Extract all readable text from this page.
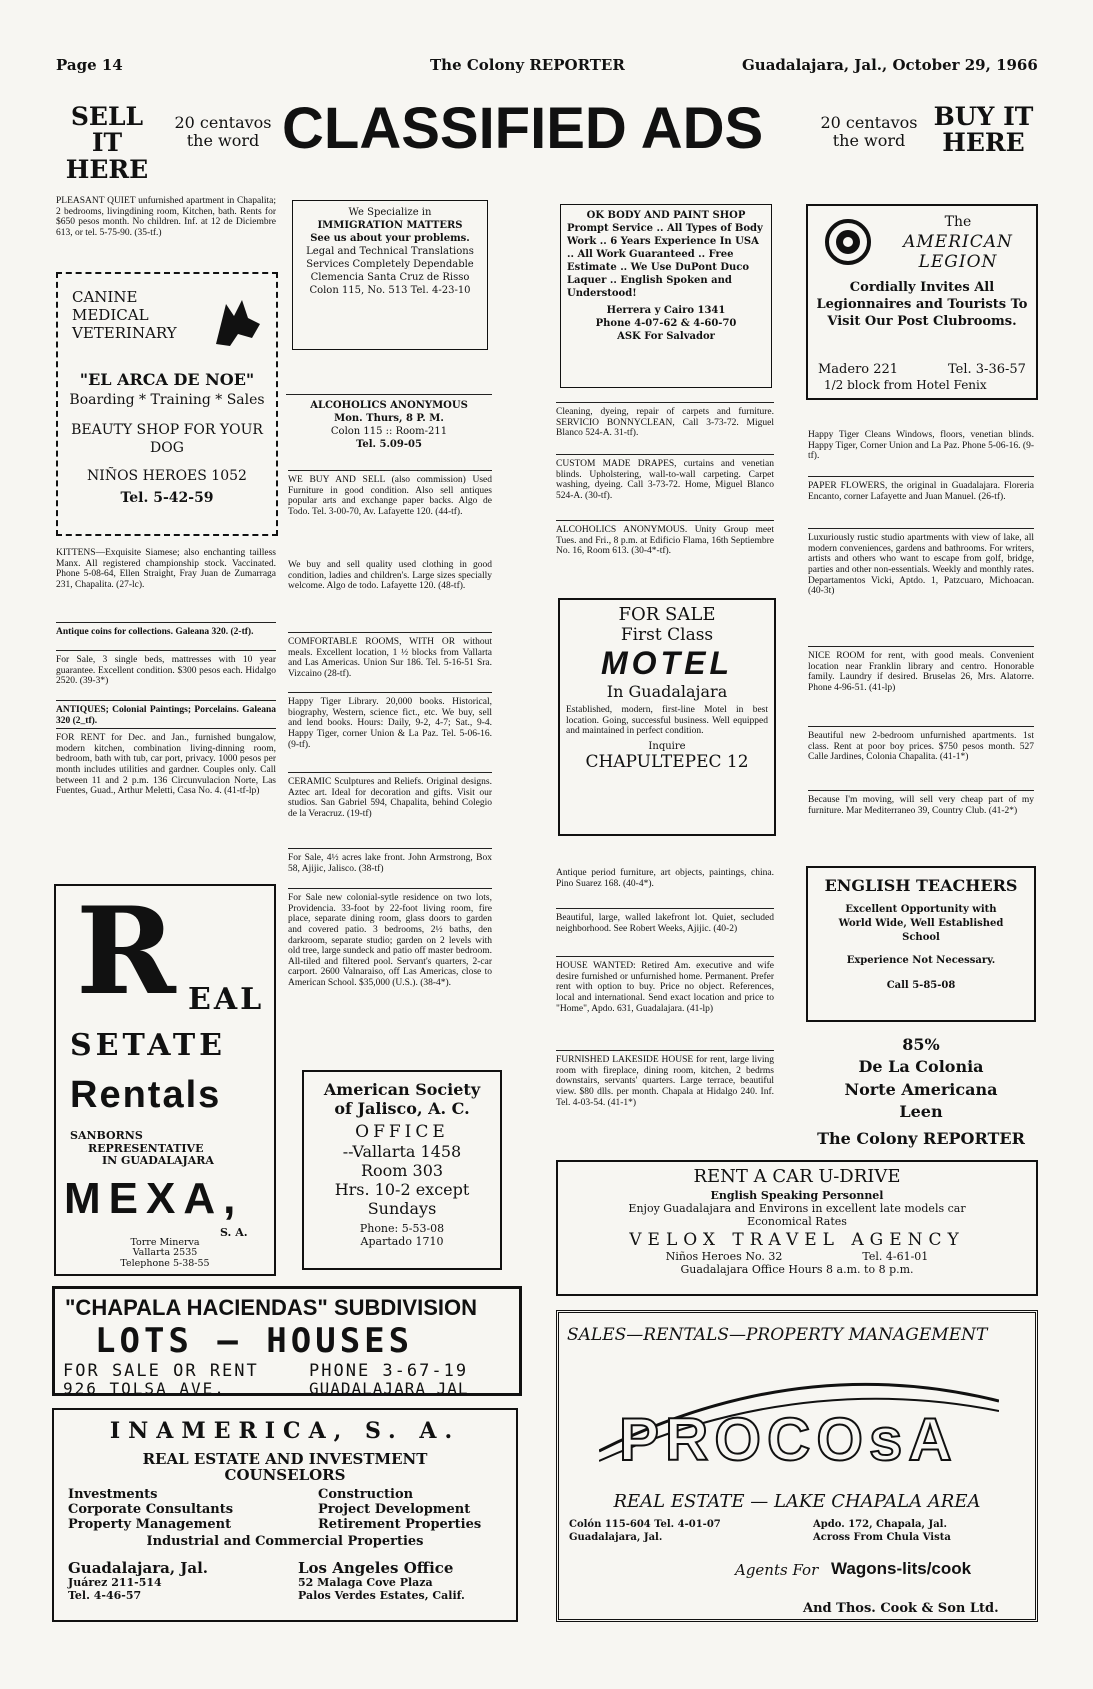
Page 14	The Colony REPORTER	Guadalajara, Jal., October 29, 1966
SELL IT
HERE
20 centavos
the word CLASSIFIED ADS	20 centavos
the word
BUY IT
HERE
PLEASANT QUIET unfurnished apartment in Chapalita; 2 bedrooms, livingdining room, Kitchen, bath. Rents for $650 pesos month. No children. Inf. at 12 de Diciembre 613, or tel. 5-75-90. (35-tf.)
CANINE
MEDICAL
VETERINARY
"EL ARCA DE NOE"
Boarding * Training * Sales
BEAUTY SHOP FOR YOUR
DOG
NIÑOS HEROES 1052
Tel. 5-42-59
KITTENS—Exquisite Siamese; also enchanting tailless Manx. All registered championship stock. Vaccinated. Phone 5-08-64, Ellen Straight, Fray Juan de Zumarraga 231, Chapalita. (27-lc).
Antique coins for collections. Galeana 320. (2-tf).
For Sale, 3 single beds, mattresses with 10 year guarantee. Excellent condition. $300 pesos each. Hidalgo 2520. (39-3*)
ANTIQUES; Colonial Paintings; Porcelains. Galeana 320 (2_tf).
FOR RENT for Dec. and Jan., furnished bungalow, modern kitchen, combination living-dinning room, bedroom, bath with tub, car port, privacy. 1000 pesos per month includes utilities and gardner. Couples only. Call between 11 and 2 p.m. 136 Circunvulacion Norte, Las Fuentes, Guad., Arthur Meletti, Casa No. 4. (41-tf-lp)
R EAL
SETATE
Rentals
SANBORNS
REPRESENTATIVE
IN GUADALAJARA
MEXA,
S. A.
Torre Minerva
Vallarta 2535
Telephone 5-38-55
We Specialize in
IMMIGRATION MATTERS
See us about your problems.
Legal and Technical Translations
Services Completely Dependable
Clemencia Santa Cruz de Risso
Colon 115, No. 513 Tel. 4-23-10
ALCOHOLICS ANONYMOUS
Mon. Thurs, 8 P. M.
Colon 115 :: Room-211
Tel. 5.09-05
WE BUY AND SELL (also commission) Used Furniture in good condition. Also sell antiques popular arts and exchange paper backs. Algo de Todo. Tel. 3-00-70, Av. Lafayette 120. (44-tf).
We buy and sell quality used clothing in good condition, ladies and children's. Large sizes specially welcome. Algo de todo. Lafayette 120. (48-tf).
COMFORTABLE ROOMS, WITH OR without meals. Excellent location, 1 ½ blocks from Vallarta and Las Americas. Union Sur 186. Tel. 5-16-51 Sra. Vizcaino (28-tf).
Happy Tiger Library. 20,000 books. Historical, biography, Western, science fict., etc. We buy, sell and lend books. Hours: Daily, 9-2, 4-7; Sat., 9-4. Happy Tiger, corner Union & La Paz. Tel. 5-06-16. (9-tf).
CERAMIC Sculptures and Reliefs. Original designs. Aztec art. Ideal for decoration and gifts. Visit our studios. San Gabriel 594, Chapalita, behind Colegio de la Veracruz. (19-tf)
For Sale, 4½ acres lake front. John Armstrong, Box 58, Ajijic, Jalisco. (38-tf)
For Sale new colonial-sytle residence on two lots, Providencia. 33-foot by 22-foot living room, fire place, separate dining room, glass doors to garden and covered patio. 3 bedrooms, 2½ baths, den darkroom, separate studio; garden on 2 levels with old tree, large sundeck and patio off master bedroom. All-tiled and filtered pool. Servant's quarters, 2-car carport. 2600 Valnaraiso, off Las Americas, close to American School. $35,000 (U.S.). (38-4*).
American Society
of Jalisco, A. C.
OFFICE
--Vallarta 1458
Room 303
Hrs. 10-2 except
Sundays
Phone: 5-53-08
Apartado 1710
OK BODY AND PAINT SHOP
Prompt Service .. All Types of Body Work .. 6 Years Experience In USA .. All Work Guaranteed .. Free Estimate .. We Use DuPont Duco Laquer .. English Spoken and Understood!
Herrera y Cairo 1341
Phone 4-07-62 & 4-60-70
ASK For Salvador
Cleaning, dyeing, repair of carpets and furniture. SERVICIO BONNYCLEAN, Call 3-73-72. Miguel Blanco 524-A. 31-tf).
CUSTOM MADE DRAPES, curtains and venetian blinds. Upholstering, wall-to-wall carpeting. Carpet washing, dyeing. Call 3-73-72. Home, Miguel Blanco 524-A. (30-tf).
ALCOHOLICS ANONYMOUS. Unity Group meet Tues. and Fri., 8 p.m. at Edificio Flama, 16th Septiembre No. 16, Room 613. (30-4*-tf).
FOR SALE
First Class
MOTEL
In Guadalajara
Established, modern, first-line Motel in best location. Going, successful business. Well equipped and maintained in perfect condition.
Inquire
CHAPULTEPEC 12
Antique period furniture, art objects, paintings, china. Pino Suarez 168. (40-4*).
Beautiful, large, walled lakefront lot. Quiet, secluded neighborhood. See Robert Weeks, Ajijic. (40-2)
HOUSE WANTED: Retired Am. executive and wife desire furnished or unfurnished home. Permanent. Prefer rent with option to buy. Price no object. References, local and international. Send exact location and price to "Home", Apdo. 631, Guadalajara. (41-lp)
FURNISHED LAKESIDE HOUSE for rent, large living room with fireplace, dining room, kitchen, 2 bedrms downstairs, servants' quarters. Large terrace, beautiful view. $80 dlls. per month. Chapala at Hidalgo 240. Inf. Tel. 4-03-54. (41-1*)
The
AMERICAN
LEGION
Cordially Invites All Legionnaires and Tourists To Visit Our Post Clubrooms.
Madero 221	Tel. 3-36-57
1/2 block from Hotel Fenix
Happy Tiger Cleans Windows, floors, venetian blinds. Happy Tiger, Corner Union and La Paz. Phone 5-06-16. (9-tf).
PAPER FLOWERS, the original in Guadalajara. Floreria Encanto, corner Lafayette and Juan Manuel. (26-tf).
Luxuriously rustic studio apartments with view of lake, all modern conveniences, gardens and bathrooms. For writers, artists and others who want to escape from golf, bridge, parties and other non-essentials. Weekly and monthly rates. Departamentos Vicki, Aptdo. 1, Patzcuaro, Michoacan. (40-3t)
NICE ROOM for rent, with good meals. Convenient location near Franklin library and centro. Honorable family. Laundry if desired. Bruselas 26, Mrs. Alatorre. Phone 4-96-51. (41-lp)
Beautiful new 2-bedroom unfurnished apartments. 1st class. Rent at poor boy prices. $750 pesos month. 527 Calle Jardines, Colonia Chapalita. (41-1*)
Because I'm moving, will sell very cheap part of my furniture. Mar Mediterraneo 39, Country Club. (41-2*)
ENGLISH TEACHERS
Excellent Opportunity with World Wide, Well Established School
Experience Not Necessary.
Call 5-85-08
85%
De La Colonia
Norte Americana
Leen
The Colony REPORTER
RENT A CAR U-DRIVE
English Speaking Personnel
Enjoy Guadalajara and Environs in excellent late models car
Economical Rates
VELOX TRAVEL AGENCY
Niños Heroes No. 32	Tel. 4-61-01
Guadalajara Office Hours 8 a.m. to 8 p.m.
"CHAPALA HACIENDAS" SUBDIVISION
LOTS — HOUSES
FOR SALE OR RENT	PHONE 3-67-19
926 TOLSA AVE.	GUADALAJARA JAL
INAMERICA, S. A.
REAL ESTATE AND INVESTMENT
COUNSELORS
Investments
Corporate Consultants
Property Management
Construction
Project Development
Retirement Properties
Industrial and Commercial Properties
Guadalajara, Jal.
Juárez 211-514
Tel. 4-46-57
Los Angeles Office
52 Malaga Cove Plaza
Palos Verdes Estates, Calif.
SALES—RENTALS—PROPERTY MANAGEMENT
PROCOsA
REAL ESTATE — LAKE CHAPALA AREA
Colón 115-604 Tel. 4-01-07
Guadalajara, Jal.
Apdo. 172, Chapala, Jal.
Across From Chula Vista
Agents For Wagons-lits/cook
And Thos. Cook & Son Ltd.
